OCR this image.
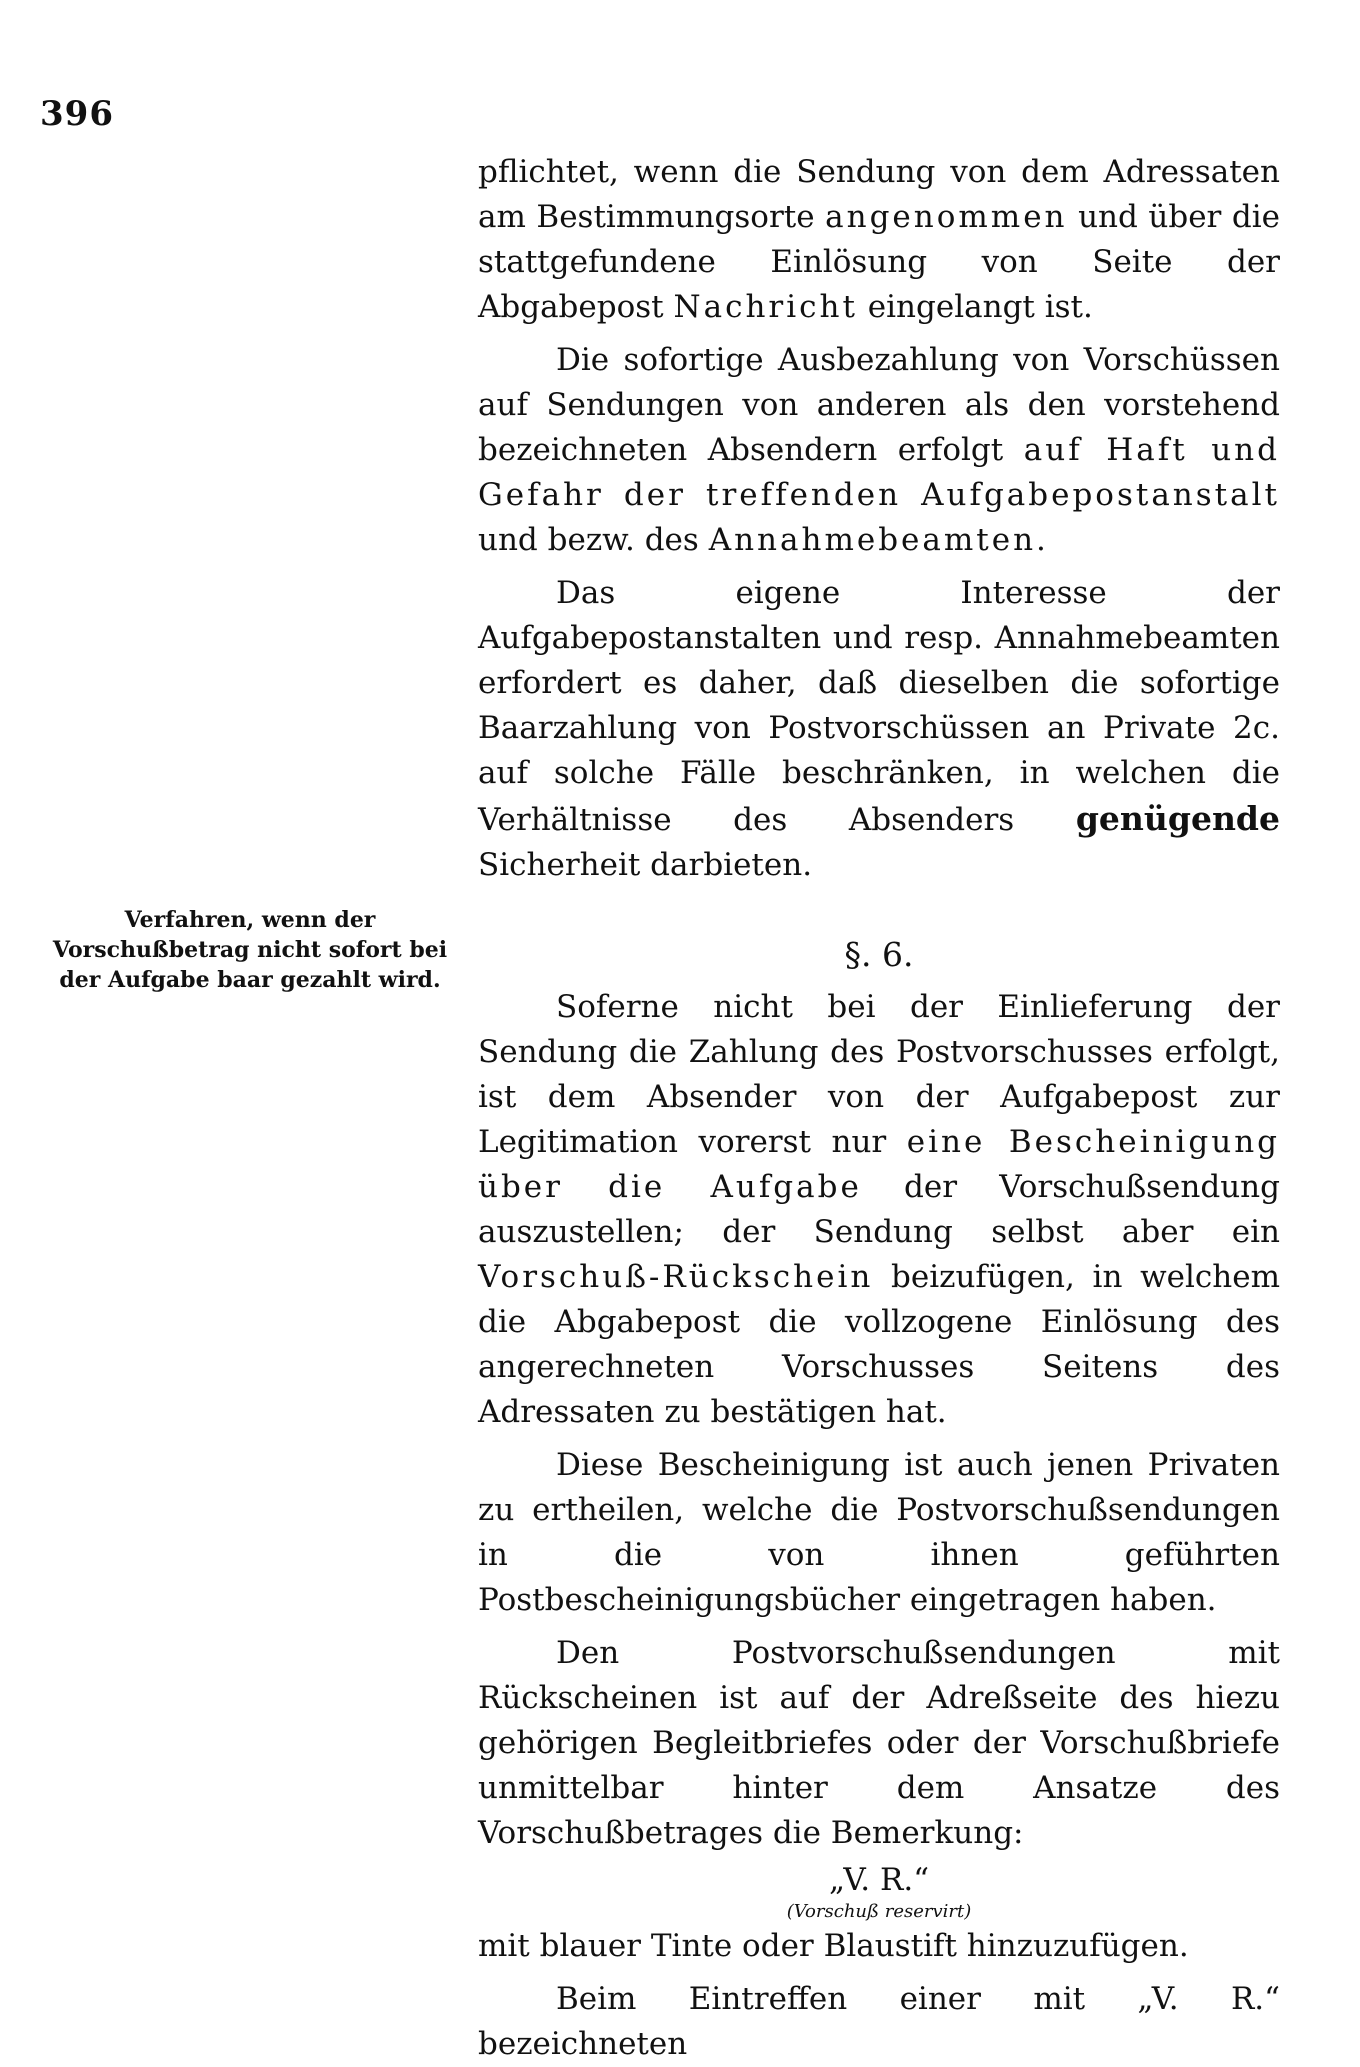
396
Verfahren, wenn der Vorschußbetrag nicht sofort bei der Aufgabe baar gezahlt wird.

pflichtet, wenn die Sendung von dem Adressaten am Bestimmungsorte angenommen und über die stattgefundene Einlösung von Seite der Abgabepost Nachricht eingelangt ist.

Die sofortige Ausbezahlung von Vorschüssen auf Sendungen von anderen als den vorstehend bezeichneten Absendern erfolgt auf Haft und Gefahr der treffenden Aufgabepostanstalt und bezw. des Annahmebeamten.

Das eigene Interesse der Aufgabepostanstalten und resp. Annahmebeamten erfordert es daher, daß dieselben die sofortige Baarzahlung von Postvorschüssen an Private 2c. auf solche Fälle beschränken, in welchen die Verhältnisse des Absenders genügende Sicherheit darbieten.

§. 6.

Soferne nicht bei der Einlieferung der Sendung die Zahlung des Postvorschusses erfolgt, ist dem Absender von der Aufgabepost zur Legitimation vorerst nur eine Bescheinigung über die Aufgabe der Vorschußsendung auszustellen; der Sendung selbst aber ein Vorschuß-Rückschein beizufügen, in welchem die Abgabepost die vollzogene Einlösung des angerechneten Vorschusses Seitens des Adressaten zu bestätigen hat.

Diese Bescheinigung ist auch jenen Privaten zu ertheilen, welche die Postvorschußsendungen in die von ihnen geführten Postbescheinigungsbücher eingetragen haben.

Den Postvorschußsendungen mit Rückscheinen ist auf der Adreßseite des hiezu gehörigen Begleitbriefes oder der Vorschußbriefe unmittelbar hinter dem Ansatze des Vorschußbetrages die Bemerkung:

„V. R.“
(Vorschuß reservirt)

mit blauer Tinte oder Blaustift hinzuzufügen.

Beim Eintreffen einer mit „V. R.“ bezeichneten
